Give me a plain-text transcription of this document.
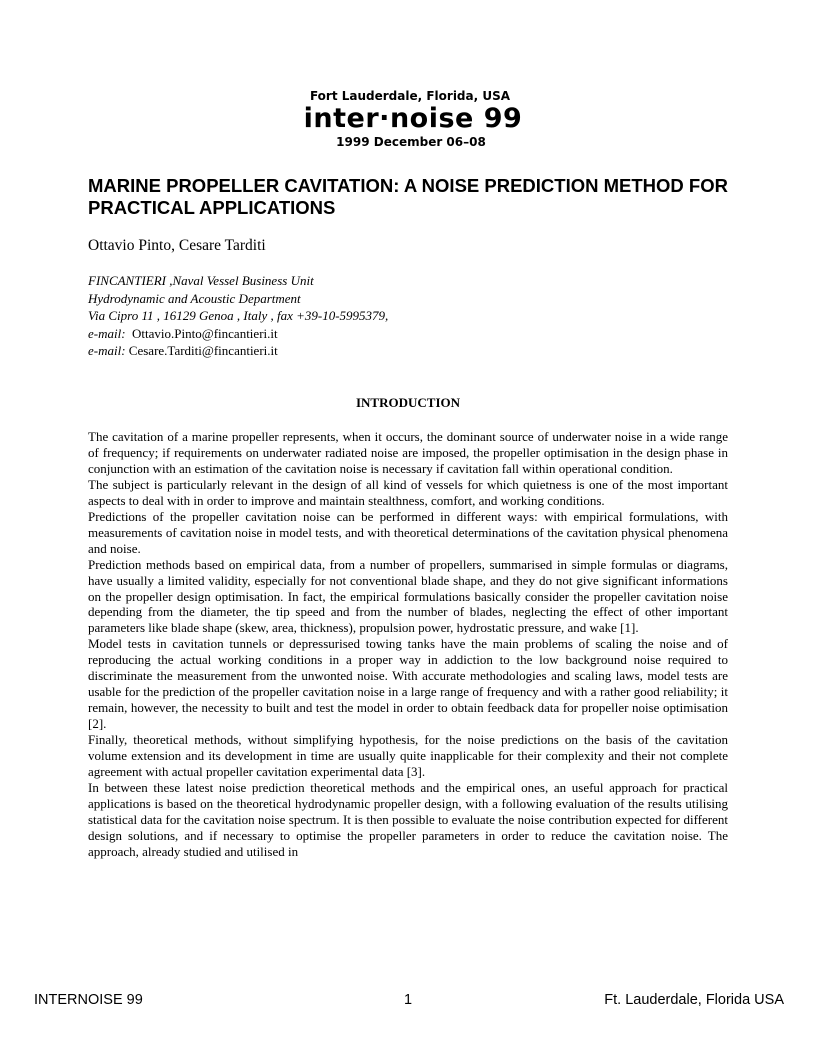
Fort Lauderdale, Florida, USA
inter·noise 99
1999 December 06–08
MARINE PROPELLER CAVITATION: A NOISE PREDICTION METHOD FOR PRACTICAL APPLICATIONS
Ottavio Pinto, Cesare Tarditi
FINCANTIERI ,Naval Vessel Business Unit
Hydrodynamic and Acoustic Department
Via Cipro 11 , 16129 Genoa , Italy , fax +39-10-5995379,
e-mail: Ottavio.Pinto@fincantieri.it
e-mail: Cesare.Tarditi@fincantieri.it
INTRODUCTION

The cavitation of a marine propeller represents, when it occurs, the dominant source of underwater noise in a wide range of frequency; if requirements on underwater radiated noise are imposed, the propeller optimisation in the design phase in conjunction with an estimation of the cavitation noise is necessary if cavitation fall within operational condition.

The subject is particularly relevant in the design of all kind of vessels for which quietness is one of the most important aspects to deal with in order to improve and maintain stealthness, comfort, and working conditions.

Predictions of the propeller cavitation noise can be performed in different ways: with empirical formulations, with measurements of cavitation noise in model tests, and with theoretical determinations of the cavitation physical phenomena and noise.

Prediction methods based on empirical data, from a number of propellers, summarised in simple formulas or diagrams, have usually a limited validity, especially for not conventional blade shape, and they do not give significant informations on the propeller design optimisation. In fact, the empirical formulations basically consider the propeller cavitation noise depending from the diameter, the tip speed and from the number of blades, neglecting the effect of other important parameters like blade shape (skew, area, thickness), propulsion power, hydrostatic pressure, and wake [1].

Model tests in cavitation tunnels or depressurised towing tanks have the main problems of scaling the noise and of reproducing the actual working conditions in a proper way in addiction to the low background noise required to discriminate the measurement from the unwonted noise. With accurate methodologies and scaling laws, model tests are usable for the prediction of the propeller cavitation noise in a large range of frequency and with a rather good reliability; it remain, however, the necessity to built and test the model in order to obtain feedback data for propeller noise optimisation [2].

Finally, theoretical methods, without simplifying hypothesis, for the noise predictions on the basis of the cavitation volume extension and its development in time are usually quite inapplicable for their complexity and their not complete agreement with actual propeller cavitation experimental data [3].

In between these latest noise prediction theoretical methods and the empirical ones, an useful approach for practical applications is based on the theoretical hydrodynamic propeller design, with a following evaluation of the results utilising statistical data for the cavitation noise spectrum. It is then possible to evaluate the noise contribution expected for different design solutions, and if necessary to optimise the propeller parameters in order to reduce the cavitation noise. The approach, already studied and utilised in

INTERNOISE 99	1	Ft. Lauderdale, Florida USA
